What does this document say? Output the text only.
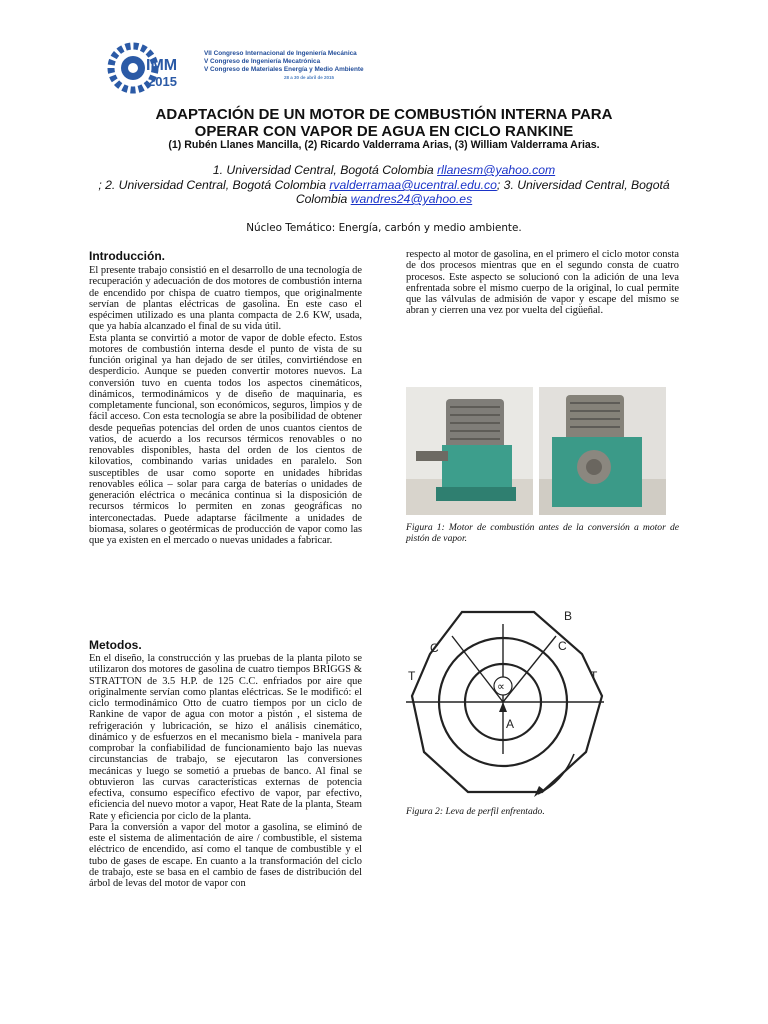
IMM
2015
VII Congreso Internacional de Ingeniería Mecánica
V Congreso de Ingeniería Mecatrónica
V Congreso de Materiales Energía y Medio Ambiente
28 a 30 de abril de 2015
ADAPTACIÓN DE UN MOTOR DE COMBUSTIÓN INTERNA PARA
OPERAR CON VAPOR DE AGUA EN CICLO RANKINE
(1) Rubén Llanes Mancilla, (2) Ricardo Valderrama Arias, (3) William Valderrama Arias.
1. Universidad Central, Bogotá Colombia rllanesm@yahoo.com
; 2. Universidad Central, Bogotá Colombia rvalderramaa@ucentral.edu.co; 3. Universidad Central, Bogotá Colombia wandres24@yahoo.es
Núcleo Temático: Energía, carbón y medio ambiente.
Introducción.

El presente trabajo consistió en el desarrollo de una tecnología de recuperación y adecuación de dos motores de combustión interna de encendido por chispa de cuatro tiempos, que originalmente servían de plantas eléctricas de gasolina. En este caso el espécimen utilizado es una planta compacta de 2.6 KW, usada, que ya había alcanzado el final de su vida útil.

Esta planta se convirtió a motor de vapor de doble efecto. Estos motores de combustión interna desde el punto de vista de su función original ya han dejado de ser útiles, convirtiéndose en desperdicio. Aunque se pueden convertir motores nuevos. La conversión tuvo en cuenta todos los aspectos cinemáticos, dinámicos, termodinámicos y de diseño de maquinaria, es completamente funcional, son económicos, seguros, limpios y de fácil acceso. Con esta tecnología se abre la posibilidad de obtener desde pequeñas potencias del orden de unos cuantos cientos de vatios, de acuerdo a los recursos térmicos renovables o no renovables disponibles, hasta del orden de los cientos de kilovatios, combinando varias unidades en paralelo. Son susceptibles de usar como soporte en unidades híbridas renovables eólica – solar para carga de baterías o unidades de generación eléctrica o mecánica continua si la disposición de recursos térmicos lo permiten en zonas geográficas no interconectadas. Puede adaptarse fácilmente a unidades de biomasa, solares o geotérmicas de producción de vapor como las que ya existen en el mercado o nuevas unidades a fabricar.

Metodos.

En el diseño, la construcción y las pruebas de la planta piloto se utilizaron dos motores de gasolina de cuatro tiempos BRIGGS & STRATTON de 3.5 H.P. de 125 C.C. enfriados por aire que originalmente servían como plantas eléctricas. Se le modificó: el ciclo termodinámico Otto de cuatro tiempos por un ciclo de Rankine de vapor de agua con motor a pistón , el sistema de refrigeración y lubricación, se hizo el análisis cinemático, dinámico y de esfuerzos en el mecanismo biela - manivela para comprobar la confiabilidad de funcionamiento bajo las nuevas circunstancias de trabajo, se ejecutaron las conversiones mecánicas y luego se sometió a pruebas de banco. Al final se obtuvieron las curvas características externas de potencia efectiva, consumo específico efectivo de vapor, par efectivo, eficiencia del nuevo motor a vapor, Heat Rate de la planta, Steam Rate y eficiencia por ciclo de la planta.

Para la conversión a vapor del motor a gasolina, se eliminó de este el sistema de alimentación de aire / combustible, el sistema eléctrico de encendido, así como el tanque de combustible y el tubo de gases de escape. En cuanto a la transformación del ciclo de trabajo, este se basa en el cambio de fases de distribución del árbol de levas del motor de vapor con

respecto al motor de gasolina, en el primero el ciclo motor consta de dos procesos mientras que en el segundo consta de cuatro procesos. Este aspecto se solucionó con la adición de una leva enfrentada sobre el mismo cuerpo de la original, lo cual permite que las válvulas de admisión de vapor y escape del mismo se abran y cierren una vez por vuelta del cigüeñal.

Figura 1: Motor de combustión antes de la conversión a motor de pistón de vapor.
B
C	C
T	T
A
∝
Figura 2: Leva de perfil enfrentado.
